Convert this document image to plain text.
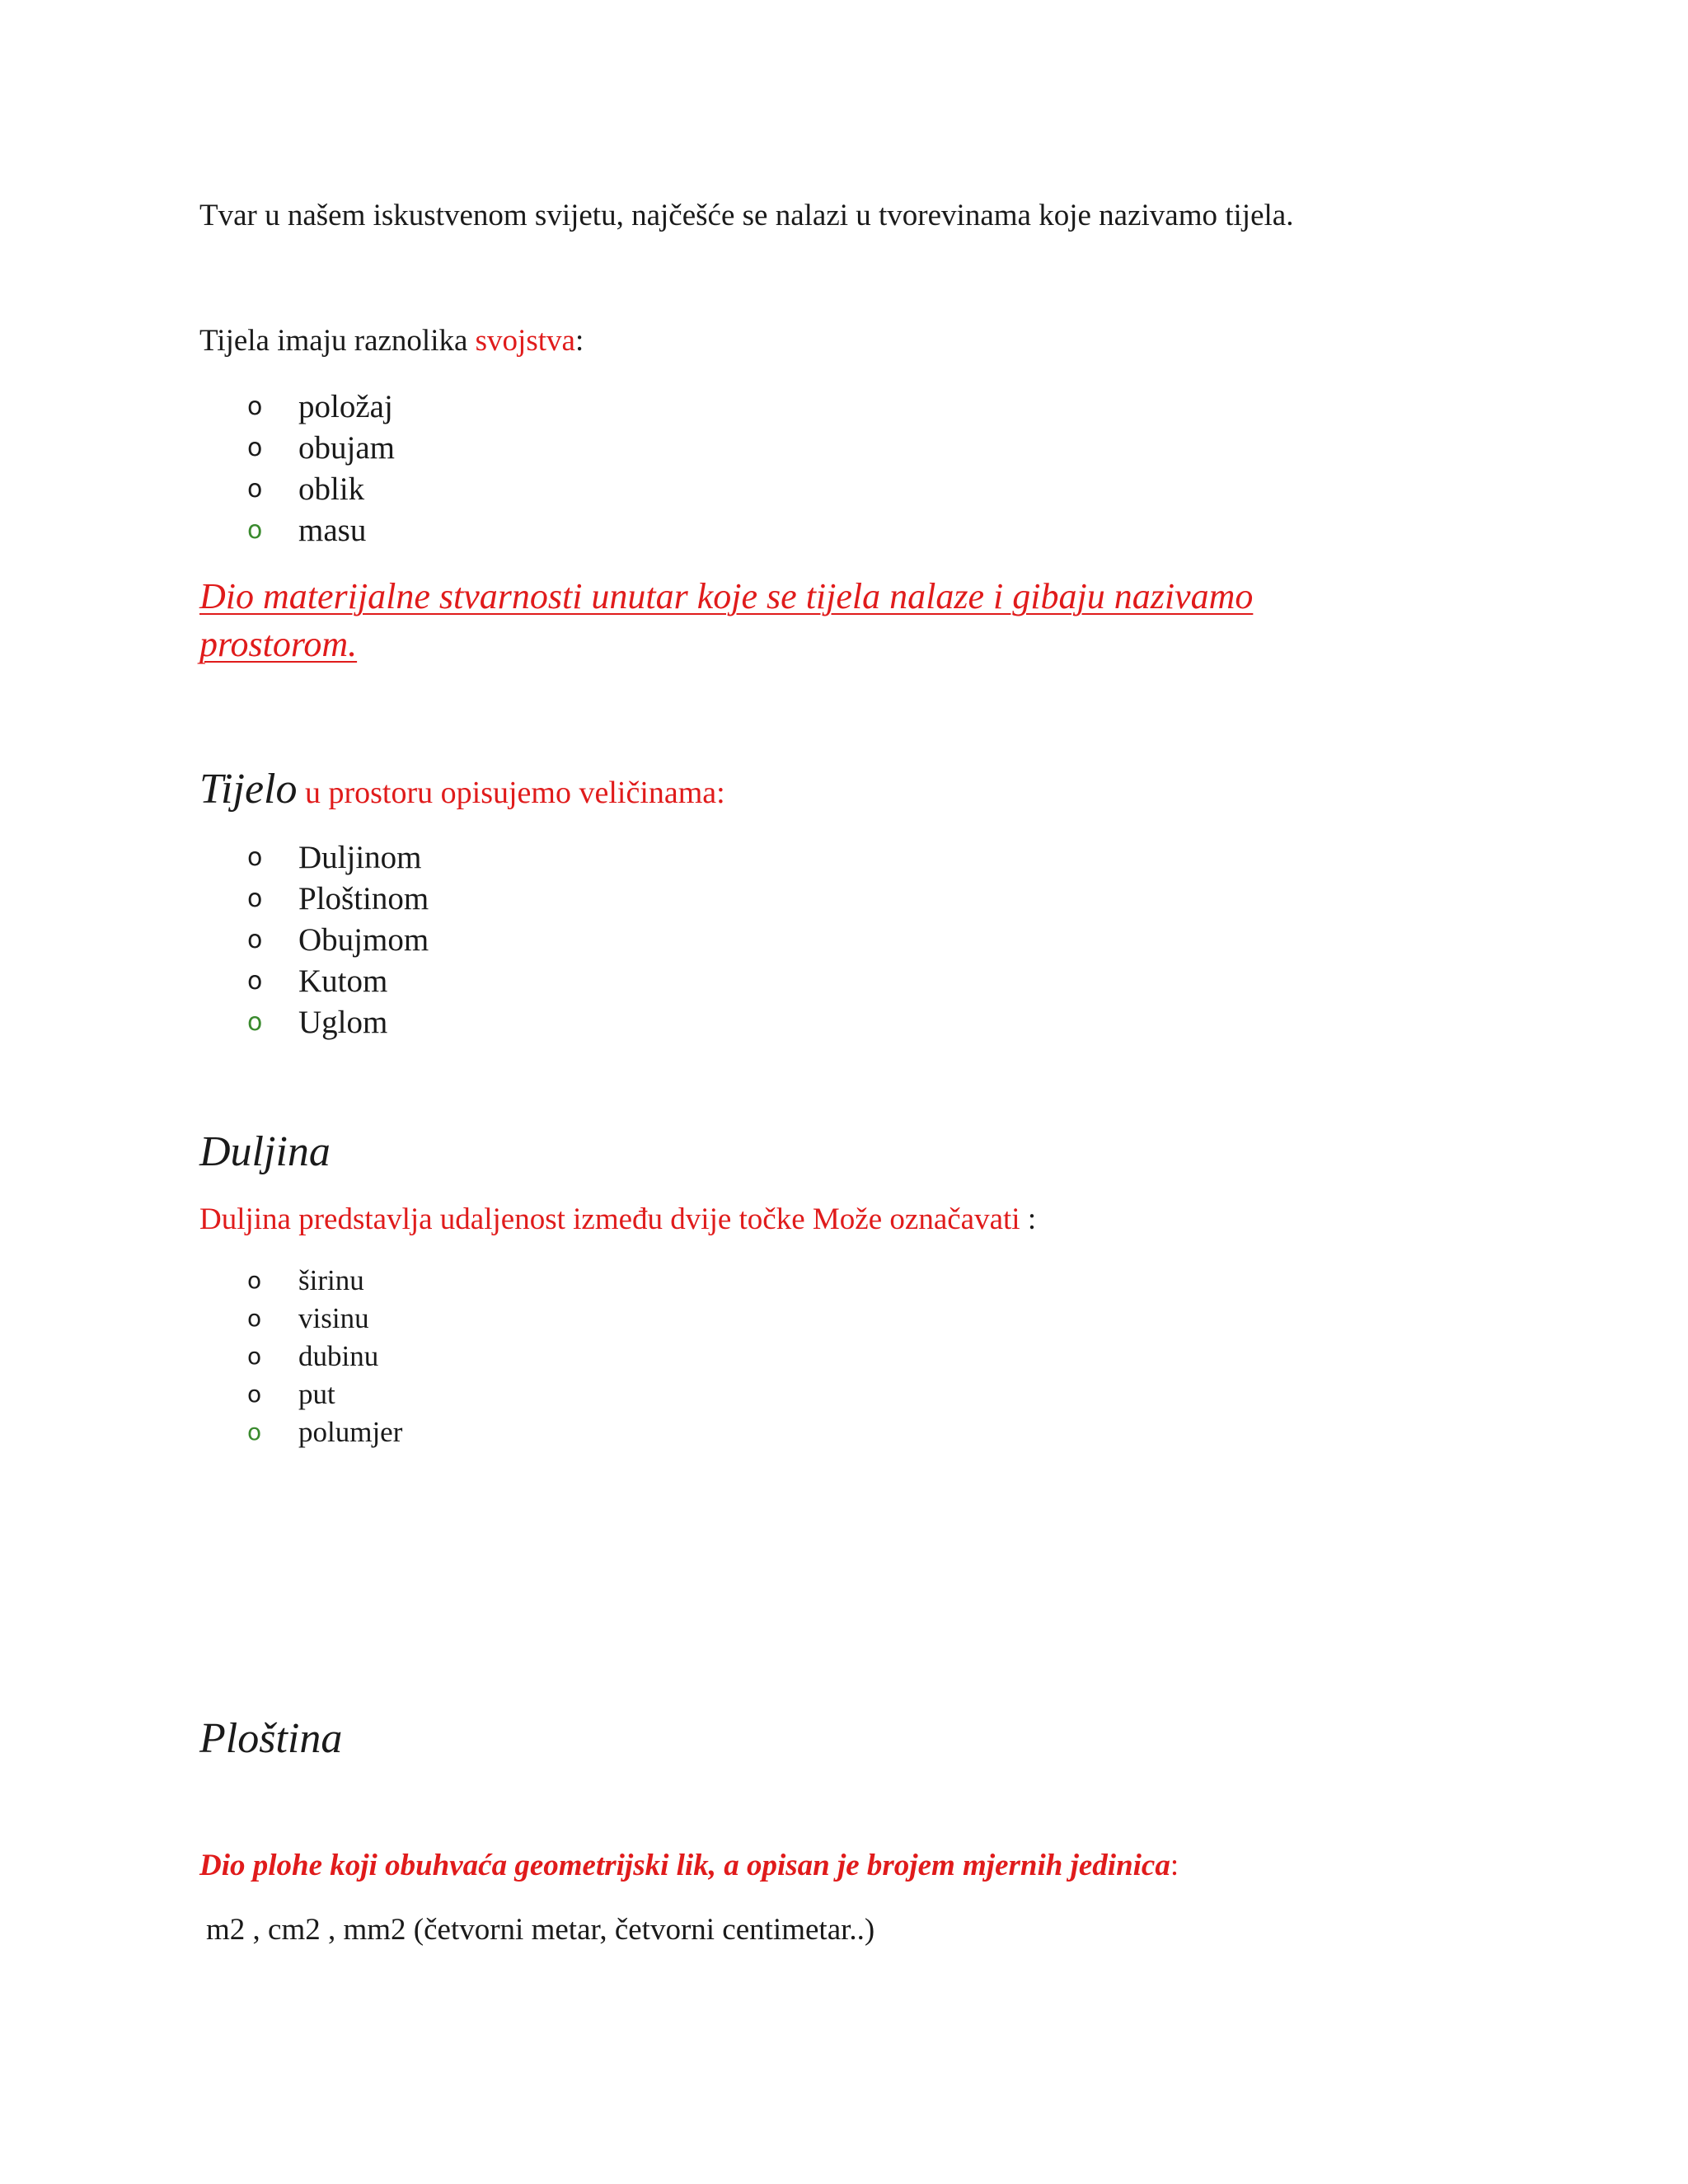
Tvar u našem iskustvenom svijetu, najčešće se nalazi u tvorevinama koje nazivamo tijela.
Tijela imaju raznolika svojstva:
o položaj
o obujam
o oblik
o masu
Dio materijalne stvarnosti unutar koje se tijela nalaze i gibaju nazivamo
prostorom.
Tijelo u prostoru opisujemo veličinama:
o Duljinom
o Ploštinom
o Obujmom
o Kutom
o Uglom
Duljina
Duljina predstavlja udaljenost između dvije točke Može označavati :
o širinu
o visinu
o dubinu
o put
o polumjer
Ploština
Dio plohe koji obuhvaća geometrijski lik, a opisan je brojem mjernih jedinica:
m2 , cm2 , mm2 (četvorni metar, četvorni centimetar..)
